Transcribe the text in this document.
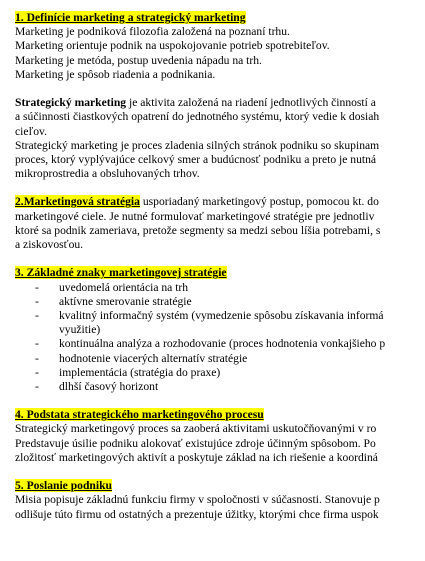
1. Definície marketing a strategický marketing
Marketing je podniková filozofia založená na poznaní trhu.
Marketing orientuje podnik na uspokojovanie potrieb spotrebiteľov.
Marketing je metóda, postup uvedenia nápadu na trh.
Marketing je spôsob riadenia a podnikania.
Strategický marketing je aktivita založená na riadení jednotlivých činností a
a súčinnosti čiastkových opatrení do jednotného systému, ktorý vedie k dosiah
cieľov.
Strategický marketing je proces zladenia silných stránok podniku so skupinam
proces, ktorý vyplývajúce celkový smer a budúcnosť podniku a preto je nutná
mikroprostredia a obsluhovaných trhov.
2.Marketingová stratégia usporiadaný marketingový postup, pomocou kt. do
marketingové ciele. Je nutné formulovať marketingové stratégie pre jednotliv
ktoré sa podnik zameriava, pretože segmenty sa medzi sebou líšia potrebami, s
a ziskovosťou.
3. Základné znaky marketingovej stratégie
- uvedomelá orientácia na trh
- aktívne smerovanie stratégie
- kvalitný informačný systém (vymedzenie spôsobu získavania informá
využitie)
- kontinuálna analýza a rozhodovanie (proces hodnotenia vonkajšieho p
- hodnotenie viacerých alternatív stratégie
- implementácia (stratégia do praxe)
- dlhší časový horizont
4. Podstata strategického marketingového procesu
Strategický marketingový proces sa zaoberá aktivitami uskutočňovanými v ro
Predstavuje úsilie podniku alokovať existujúce zdroje účinným spôsobom. Po
zložitosť marketingových aktivít a poskytuje základ na ich riešenie a koordiná
5. Poslanie podniku
Misia popisuje základnú funkciu firmy v spoločnosti v súčasnosti. Stanovuje p
odlišuje túto firmu od ostatných a prezentuje úžitky, ktorými chce firma uspok
